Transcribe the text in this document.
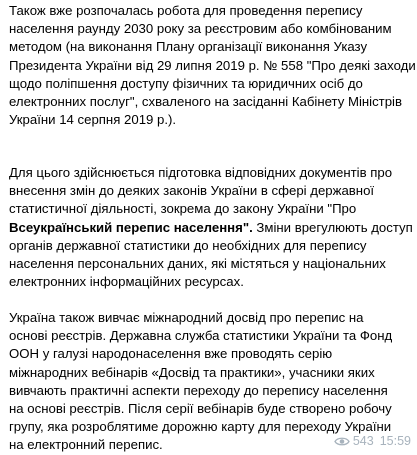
Також вже розпочалась робота для проведення перепису
населення раунду 2030 року за реєстровим або комбінованим
методом (на виконання Плану організації виконання Указу
Президента України від 29 липня 2019 р. № 558 "Про деякі заходи
щодо поліпшення доступу фізичних та юридичних осіб до
електронних послуг", схваленого на засіданні Кабінету Міністрів
України 14 серпня 2019 р.).

Для цього здійснюється підготовка відповідних документів про
внесення змін до деяких законів України в сфері державної
статистичної діяльності, зокрема до закону України "Про
Всеукраїнський перепис населення". Зміни врегулюють доступ
органів державної статистики до необхідних для перепису
населення персональних даних, які містяться у національних
електронних інформаційних ресурсах.

Україна також вивчає міжнародний досвід про перепис на
основі реєстрів. Державна служба статистики України та Фонд
ООН у галузі народонаселення вже проводять серію
міжнародних вебінарів «Досвід та практики», учасники яких
вивчають практичні аспекти переходу до перепису населення
на основі реєстрів. Після серії вебінарів буде створено робочу
групу, яка розроблятиме дорожню карту для переходу України
на електронний перепис.	543 15:59
